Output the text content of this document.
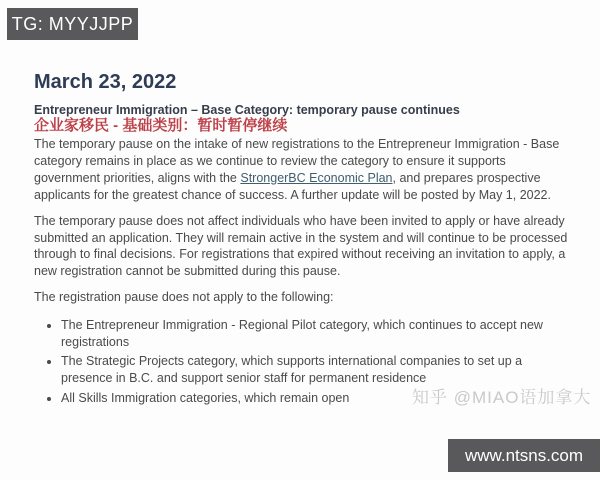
TG: MYYJJPP
March 23, 2022
Entrepreneur Immigration – Base Category: temporary pause continues
企业家移民 - 基础类别：暂时暂停继续

The temporary pause on the intake of new registrations to the Entrepreneur Immigration - Base category remains in place as we continue to review the category to ensure it supports government priorities, aligns with the StrongerBC Economic Plan, and prepares prospective applicants for the greatest chance of success. A further update will be posted by May 1, 2022.

The temporary pause does not affect individuals who have been invited to apply or have already submitted an application. They will remain active in the system and will continue to be processed through to final decisions. For registrations that expired without receiving an invitation to apply, a new registration cannot be submitted during this pause.

The registration pause does not apply to the following:

• The Entrepreneur Immigration - Regional Pilot category, which continues to accept new registrations
• The Strategic Projects category, which supports international companies to set up a presence in B.C. and support senior staff for permanent residence
• All Skills Immigration categories, which remain open	知乎 @MIAO语加拿大
www.ntsns.com
